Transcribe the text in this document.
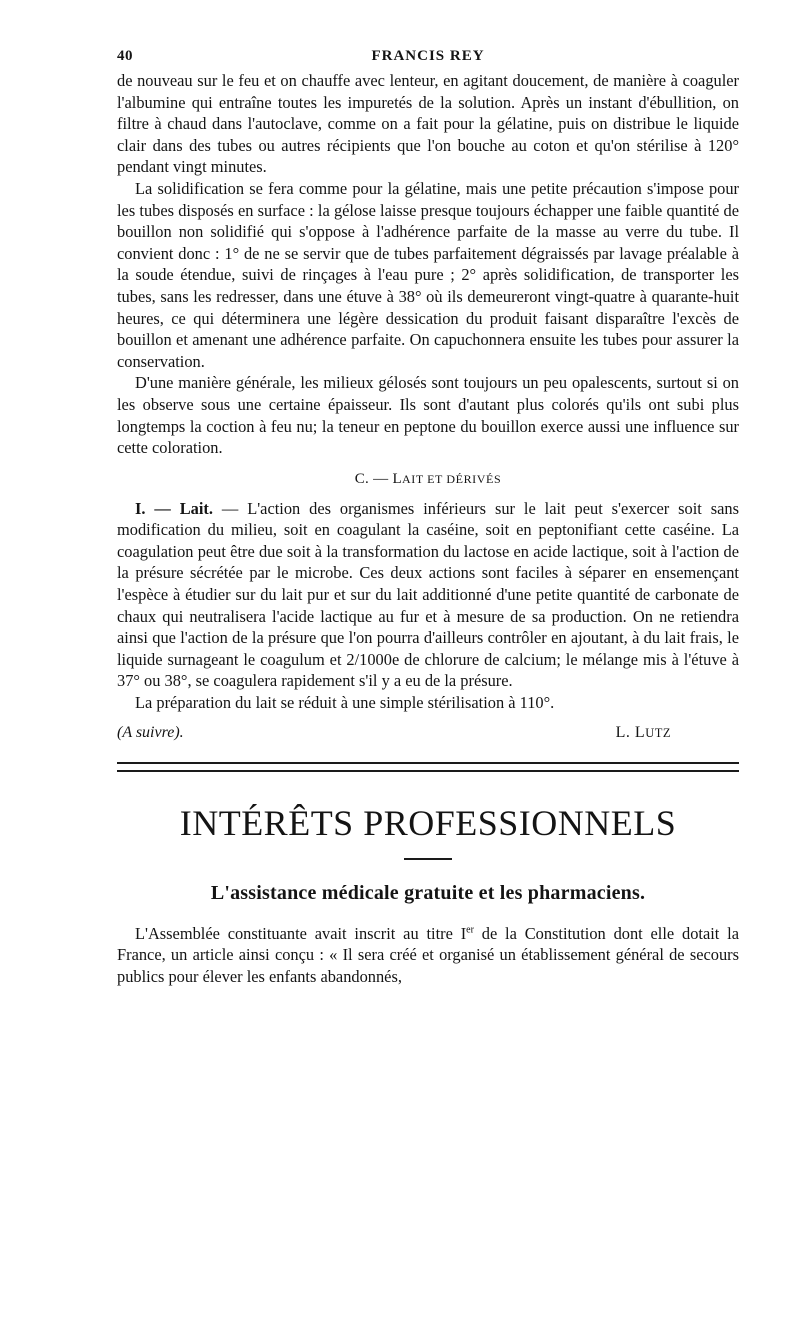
40	FRANCIS REY

de nouveau sur le feu et on chauffe avec lenteur, en agitant doucement, de manière à coaguler l'albumine qui entraîne toutes les impuretés de la solution. Après un instant d'ébullition, on filtre à chaud dans l'autoclave, comme on a fait pour la gélatine, puis on distribue le liquide clair dans des tubes ou autres récipients que l'on bouche au coton et qu'on stérilise à 120° pendant vingt minutes.

La solidification se fera comme pour la gélatine, mais une petite précaution s'impose pour les tubes disposés en surface : la gélose laisse presque toujours échapper une faible quantité de bouillon non solidifié qui s'oppose à l'adhérence parfaite de la masse au verre du tube. Il convient donc : 1° de ne se servir que de tubes parfaitement dégraissés par lavage préalable à la soude étendue, suivi de rinçages à l'eau pure ; 2° après solidification, de transporter les tubes, sans les redresser, dans une étuve à 38° où ils demeureront vingt-quatre à quarante-huit heures, ce qui déterminera une légère dessication du produit faisant disparaître l'excès de bouillon et amenant une adhérence parfaite. On capuchonnera ensuite les tubes pour assurer la conservation.

D'une manière générale, les milieux gélosés sont toujours un peu opalescents, surtout si on les observe sous une certaine épaisseur. Ils sont d'autant plus colorés qu'ils ont subi plus longtemps la coction à feu nu; la teneur en peptone du bouillon exerce aussi une influence sur cette coloration.

C. — LAIT ET DÉRIVÉS

I. — Lait. — L'action des organismes inférieurs sur le lait peut s'exercer soit sans modification du milieu, soit en coagulant la caséine, soit en peptonifiant cette caséine. La coagulation peut être due soit à la transformation du lactose en acide lactique, soit à l'action de la présure sécrétée par le microbe. Ces deux actions sont faciles à séparer en ensemençant l'espèce à étudier sur du lait pur et sur du lait additionné d'une petite quantité de carbonate de chaux qui neutralisera l'acide lactique au fur et à mesure de sa production. On ne retiendra ainsi que l'action de la présure que l'on pourra d'ailleurs contrôler en ajoutant, à du lait frais, le liquide surnageant le coagulum et 2/1000e de chlorure de calcium; le mélange mis à l'étuve à 37° ou 38°, se coagulera rapidement s'il y a eu de la présure.

La préparation du lait se réduit à une simple stérilisation à 110°.

(A suivre).	L. LUTZ
INTÉRÊTS PROFESSIONNELS
L'assistance médicale gratuite et les pharmaciens.

L'Assemblée constituante avait inscrit au titre Ier de la Constitution dont elle dotait la France, un article ainsi conçu : « Il sera créé et organisé un établissement général de secours publics pour élever les enfants abandonnés,
